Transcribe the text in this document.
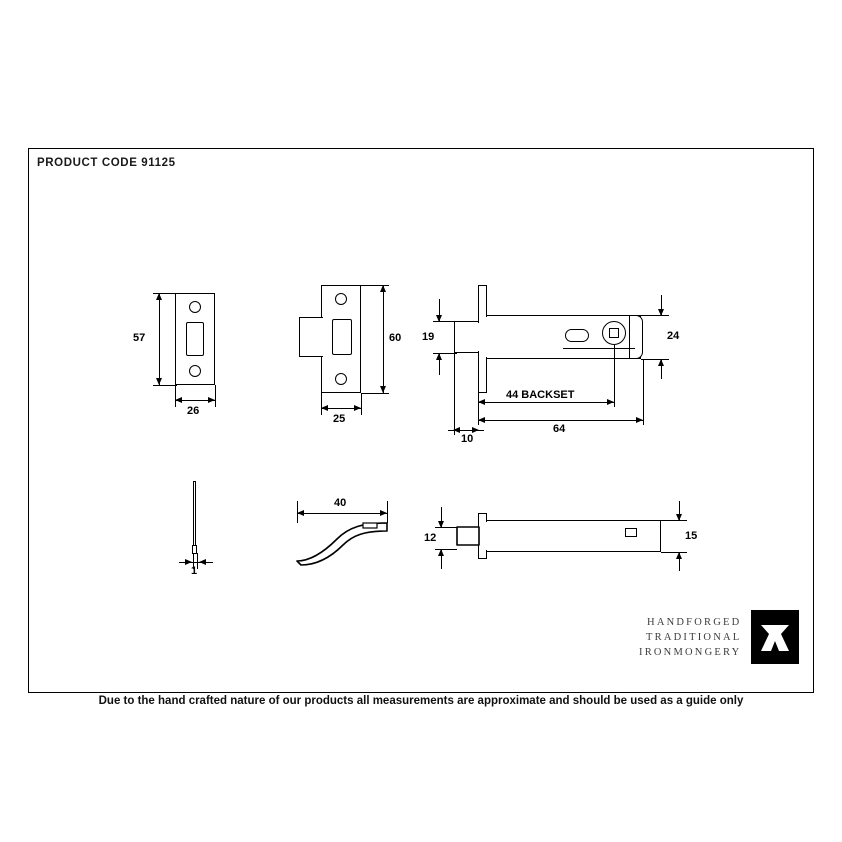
PRODUCT CODE 91125
57
26
60
25
19	24
44 BACKSET
64
10
1
40
12	15
HANDFORGED
TRADITIONAL
IRONMONGERY
Due to the hand crafted nature of our products all measurements are approximate and should be used as a guide only
